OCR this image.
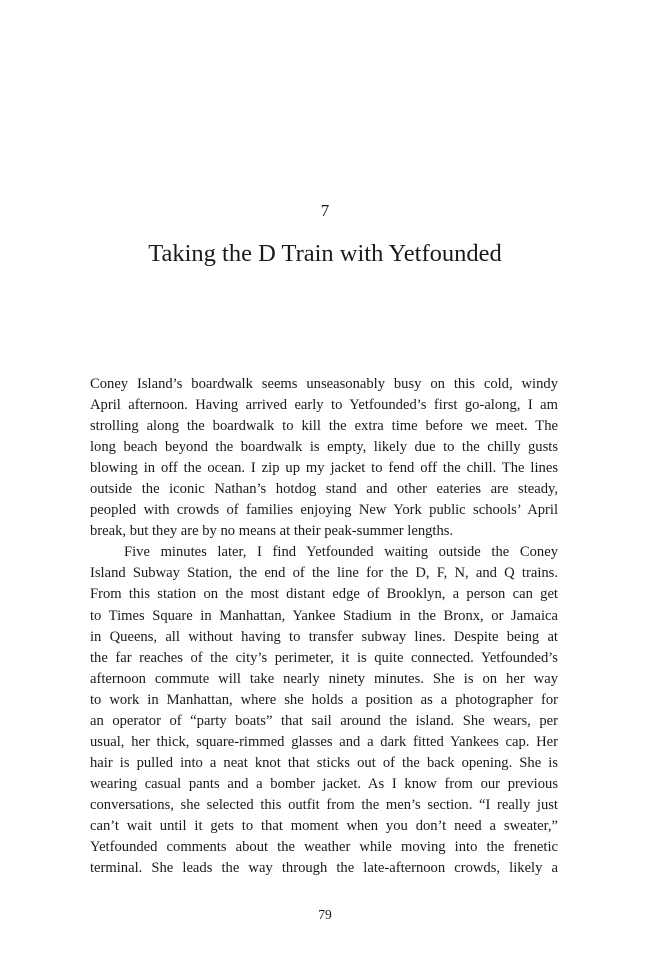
7
Taking the D Train with Yetfounded
Coney Island’s boardwalk seems unseasonably busy on this cold, windy
April afternoon. Having arrived early to Yetfounded’s first go-along, I am
strolling along the boardwalk to kill the extra time before we meet. The
long beach beyond the boardwalk is empty, likely due to the chilly gusts
blowing in off the ocean. I zip up my jacket to fend off the chill. The lines
outside the iconic Nathan’s hotdog stand and other eateries are steady,
peopled with crowds of families enjoying New York public schools’ April
break, but they are by no means at their peak-summer lengths.
Five minutes later, I find Yetfounded waiting outside the Coney
Island Subway Station, the end of the line for the D, F, N, and Q trains.
From this station on the most distant edge of Brooklyn, a person can get
to Times Square in Manhattan, Yankee Stadium in the Bronx, or Jamaica
in Queens, all without having to transfer subway lines. Despite being at
the far reaches of the city’s perimeter, it is quite connected. Yetfounded’s
afternoon commute will take nearly ninety minutes. She is on her way
to work in Manhattan, where she holds a position as a photographer for
an operator of “party boats” that sail around the island. She wears, per
usual, her thick, square-rimmed glasses and a dark fitted Yankees cap. Her
hair is pulled into a neat knot that sticks out of the back opening. She is
wearing casual pants and a bomber jacket. As I know from our previous
conversations, she selected this outfit from the men’s section. “I really just
can’t wait until it gets to that moment when you don’t need a sweater,”
Yetfounded comments about the weather while moving into the frenetic
terminal. She leads the way through the late-afternoon crowds, likely a
79
